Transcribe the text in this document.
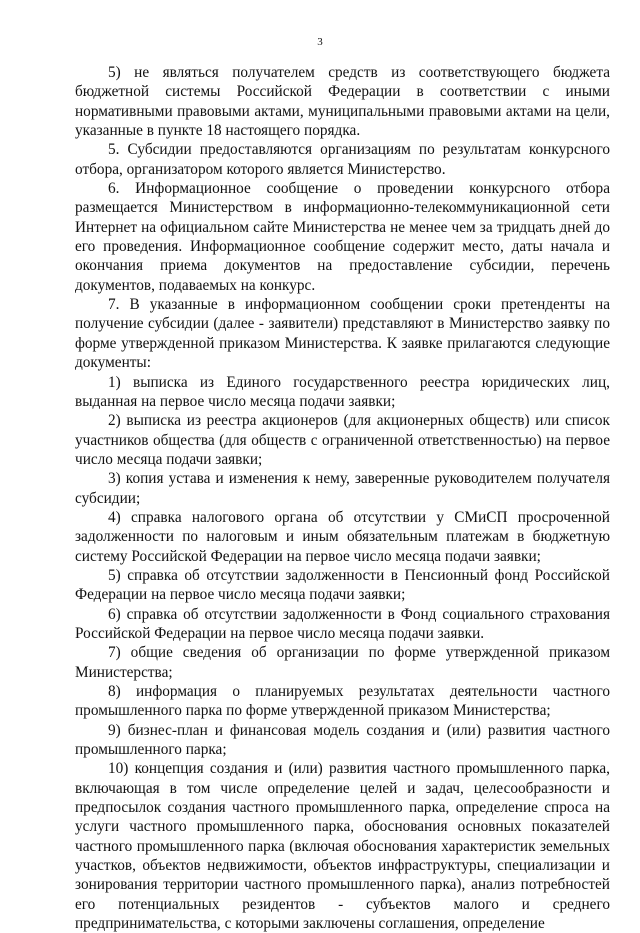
3

5) не являться получателем средств из соответствующего бюджета бюджетной системы Российской Федерации в соответствии с иными нормативными правовыми актами, муниципальными правовыми актами на цели, указанные в пункте 18 настоящего порядка.

5. Субсидии предоставляются организациям по результатам конкурсного отбора, организатором которого является Министерство.

6. Информационное сообщение о проведении конкурсного отбора размещается Министерством в информационно-телекоммуникационной сети Интернет на официальном сайте Министерства не менее чем за тридцать дней до его проведения. Информационное сообщение содержит место, даты начала и окончания приема документов на предоставление субсидии, перечень документов, подаваемых на конкурс.

7. В указанные в информационном сообщении сроки претенденты на получение субсидии (далее - заявители) представляют в Министерство заявку по форме утвержденной приказом Министерства. К заявке прилагаются следующие документы:

1) выписка из Единого государственного реестра юридических лиц, выданная на первое число месяца подачи заявки;

2) выписка из реестра акционеров (для акционерных обществ) или список участников общества (для обществ с ограниченной ответственностью) на первое число месяца подачи заявки;

3) копия устава и изменения к нему, заверенные руководителем получателя субсидии;

4) справка налогового органа об отсутствии у СМиСП просроченной задолженности по налоговым и иным обязательным платежам в бюджетную систему Российской Федерации на первое число месяца подачи заявки;

5) справка об отсутствии задолженности в Пенсионный фонд Российской Федерации на первое число месяца подачи заявки;

6) справка об отсутствии задолженности в Фонд социального страхования Российской Федерации на первое число месяца подачи заявки.

7) общие сведения об организации по форме утвержденной приказом Министерства;

8) информация о планируемых результатах деятельности частного промышленного парка по форме утвержденной приказом Министерства;

9) бизнес-план и финансовая модель создания и (или) развития частного промышленного парка;

10) концепция создания и (или) развития частного промышленного парка, включающая в том числе определение целей и задач, целесообразности и предпосылок создания частного промышленного парка, определение спроса на услуги частного промышленного парка, обоснования основных показателей частного промышленного парка (включая обоснования характеристик земельных участков, объектов недвижимости, объектов инфраструктуры, специализации и зонирования территории частного промышленного парка), анализ потребностей его потенциальных резидентов - субъектов малого и среднего предпринимательства, с которыми заключены соглашения, определение
